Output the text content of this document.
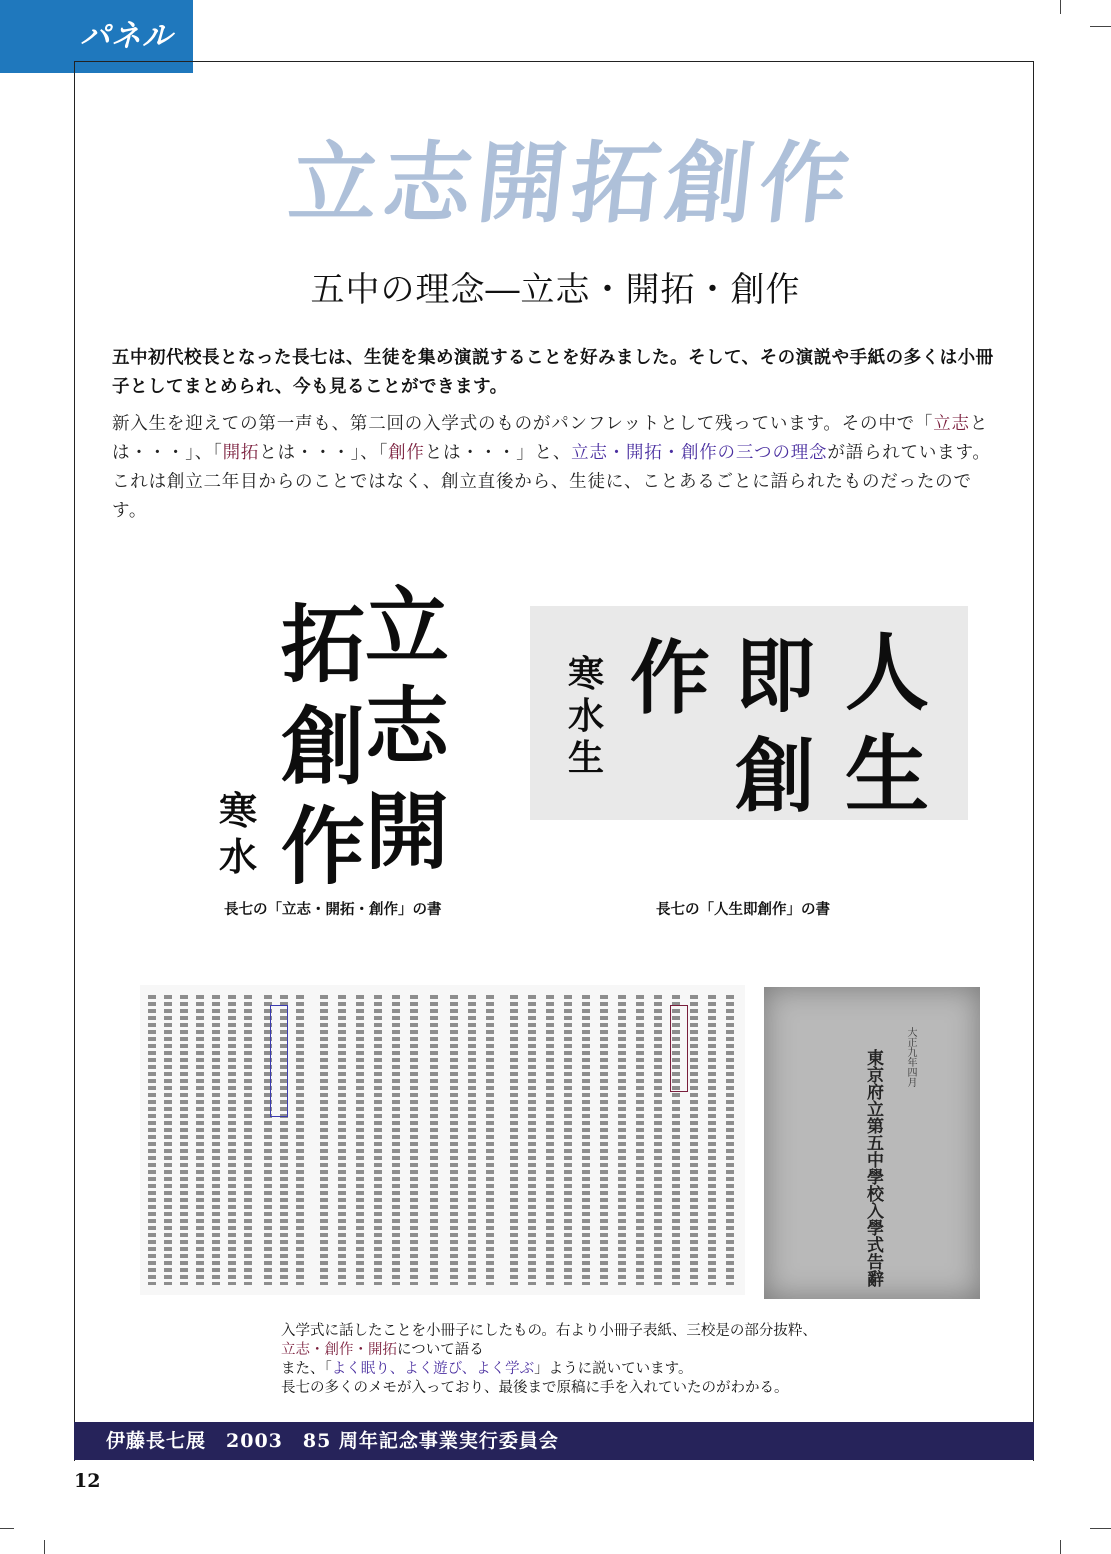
パネル５
立志開拓創作
五中の理念―立志・開拓・創作
五中初代校長となった長七は、生徒を集め演説することを好みました。そして、その演説や手紙の多くは小冊子としてまとめられ、今も見ることができます。
新入生を迎えての第一声も、第二回の入学式のものがパンフレットとして残っています。その中で「立志とは・・・」、「開拓とは・・・」、「創作とは・・・」と、立志・開拓・創作の三つの理念が語られています。これは創立二年目からのことではなく、創立直後から、生徒に、ことあるごとに語られたものだったのです。
立
志
開
拓
創
作
寒
水
長七の「立志・開拓・創作」の書
人
生
即
創
作
寒
水
生
長七の「人生即創作」の書
東京府立第五中學校入學式告辭 大正九年四月
入学式に話したことを小冊子にしたもの。右より小冊子表紙、三校是の部分抜粋、
立志・創作・開拓について語る
また、「よく眠り、よく遊び、よく学ぶ」ように説いています。
長七の多くのメモが入っており、最後まで原稿に手を入れていたのがわかる。
伊藤長七展　2003　85 周年記念事業実行委員会
12
